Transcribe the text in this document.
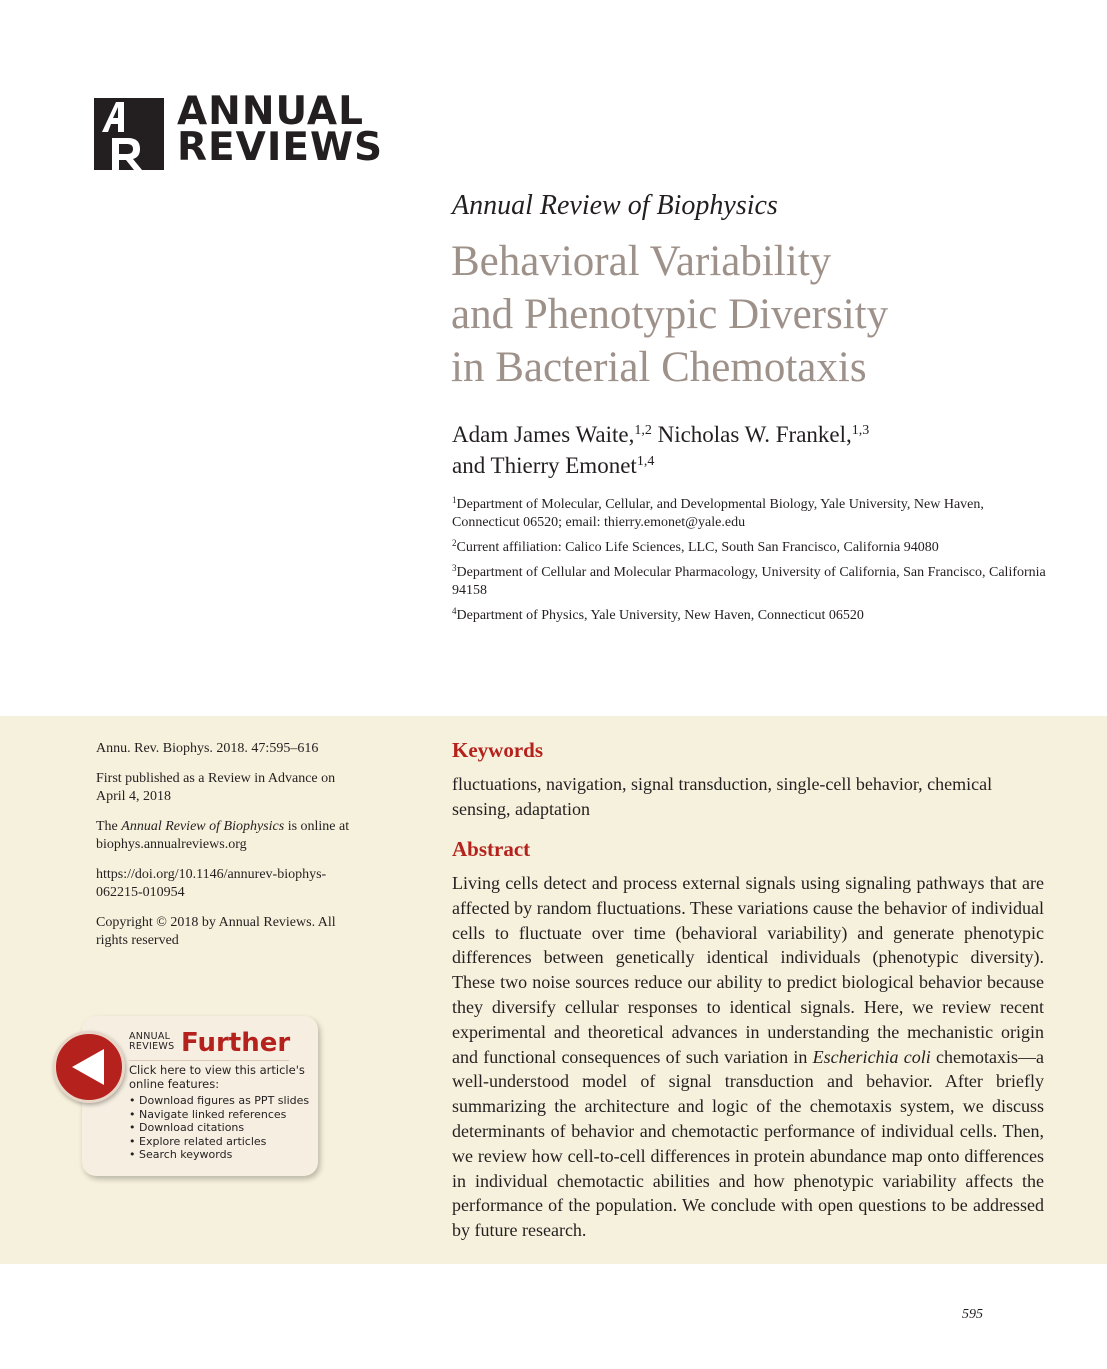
ANNUAL
REVIEWS
Annual Review of Biophysics
Behavioral Variability
and Phenotypic Diversity
in Bacterial Chemotaxis
Adam James Waite,$^{1,2}$ Nicholas W. Frankel,$^{1,3}$
and Thierry Emonet$^{1,4}$

$^1$Department of Molecular, Cellular, and Developmental Biology, Yale University, New Haven, Connecticut 06520; email: thierry.emonet@yale.edu

$^2$Current affiliation: Calico Life Sciences, LLC, South San Francisco, California 94080

$^3$Department of Cellular and Molecular Pharmacology, University of California, San Francisco, California 94158

$^4$Department of Physics, Yale University, New Haven, Connecticut 06520

Annu. Rev. Biophys. 2018. 47:595–616

First published as a Review in Advance on April 4, 2018

The Annual Review of Biophysics is online at biophys.annualreviews.org

https://doi.org/10.1146/annurev-biophys-062215-010954

Copyright © 2018 by Annual Reviews. All rights reserved

ANNUAL
REVIEWS Further
Click here to view this article's online features:
• Download figures as PPT slides
• Navigate linked references
• Download citations
• Explore related articles
• Search keywords
Keywords
fluctuations, navigation, signal transduction, single-cell behavior, chemical sensing, adaptation
Abstract
Living cells detect and process external signals using signaling pathways that are affected by random fluctuations. These variations cause the behavior of individual cells to fluctuate over time (behavioral variability) and generate phenotypic differences between genetically identical individuals (phenotypic diversity). These two noise sources reduce our ability to predict biological behavior because they diversify cellular responses to identical signals. Here, we review recent experimental and theoretical advances in understanding the mechanistic origin and functional consequences of such variation in Escherichia coli chemotaxis—a well-understood model of signal transduction and behavior. After briefly summarizing the architecture and logic of the chemotaxis system, we discuss determinants of behavior and chemotactic performance of individual cells. Then, we review how cell-to-cell differences in protein abundance map onto differences in individual chemotactic abilities and how phenotypic variability affects the performance of the population. We conclude with open questions to be addressed by future research.
595
